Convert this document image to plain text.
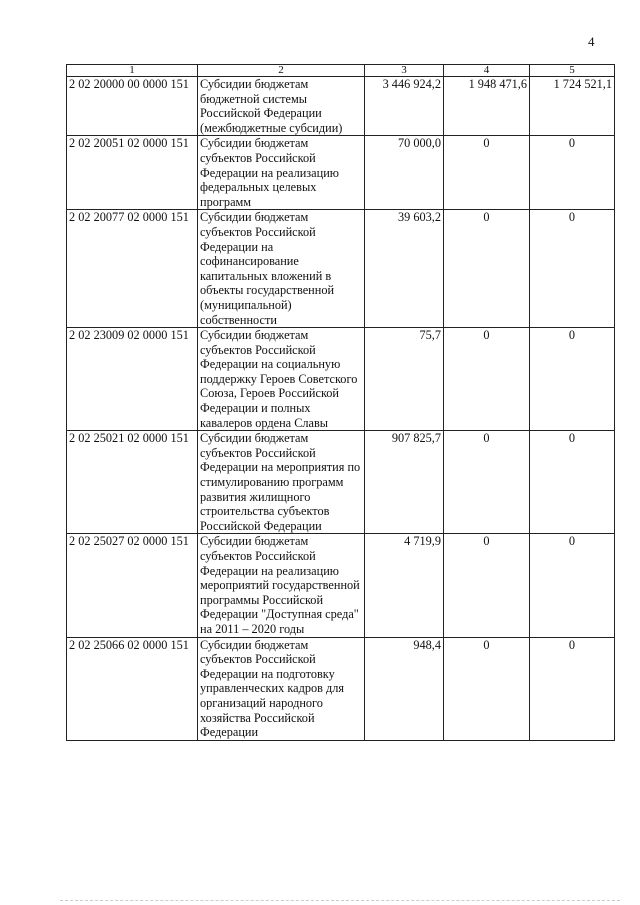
4
1	2	3	4	5
2 02 20000 00 0000 151	Субсидии бюджетам бюджетной системы Российской Федерации (межбюджетные субсидии)	3 446 924,2	1 948 471,6	1 724 521,1
2 02 20051 02 0000 151	Субсидии бюджетам субъектов Российской Федерации на реализацию федеральных целевых программ	70 000,0	0	0
2 02 20077 02 0000 151	Субсидии бюджетам субъектов Российской Федерации на софинансирование капитальных вложений в объекты государственной (муниципальной) собственности	39 603,2	0	0
2 02 23009 02 0000 151	Субсидии бюджетам субъектов Российской Федерации на социальную поддержку Героев Советского Союза, Героев Российской Федерации и полных кавалеров ордена Славы	75,7	0	0
2 02 25021 02 0000 151	Субсидии бюджетам субъектов Российской Федерации на мероприятия по стимулированию программ развития жилищного строительства субъектов Российской Федерации	907 825,7	0	0
2 02 25027 02 0000 151	Субсидии бюджетам субъектов Российской Федерации на реализацию мероприятий государственной программы Российской Федерации "Доступная среда" на 2011 – 2020 годы	4 719,9	0	0
2 02 25066 02 0000 151	Субсидии бюджетам субъектов Российской Федерации на подготовку управленческих кадров для организаций народного хозяйства Российской Федерации	948,4	0	0
